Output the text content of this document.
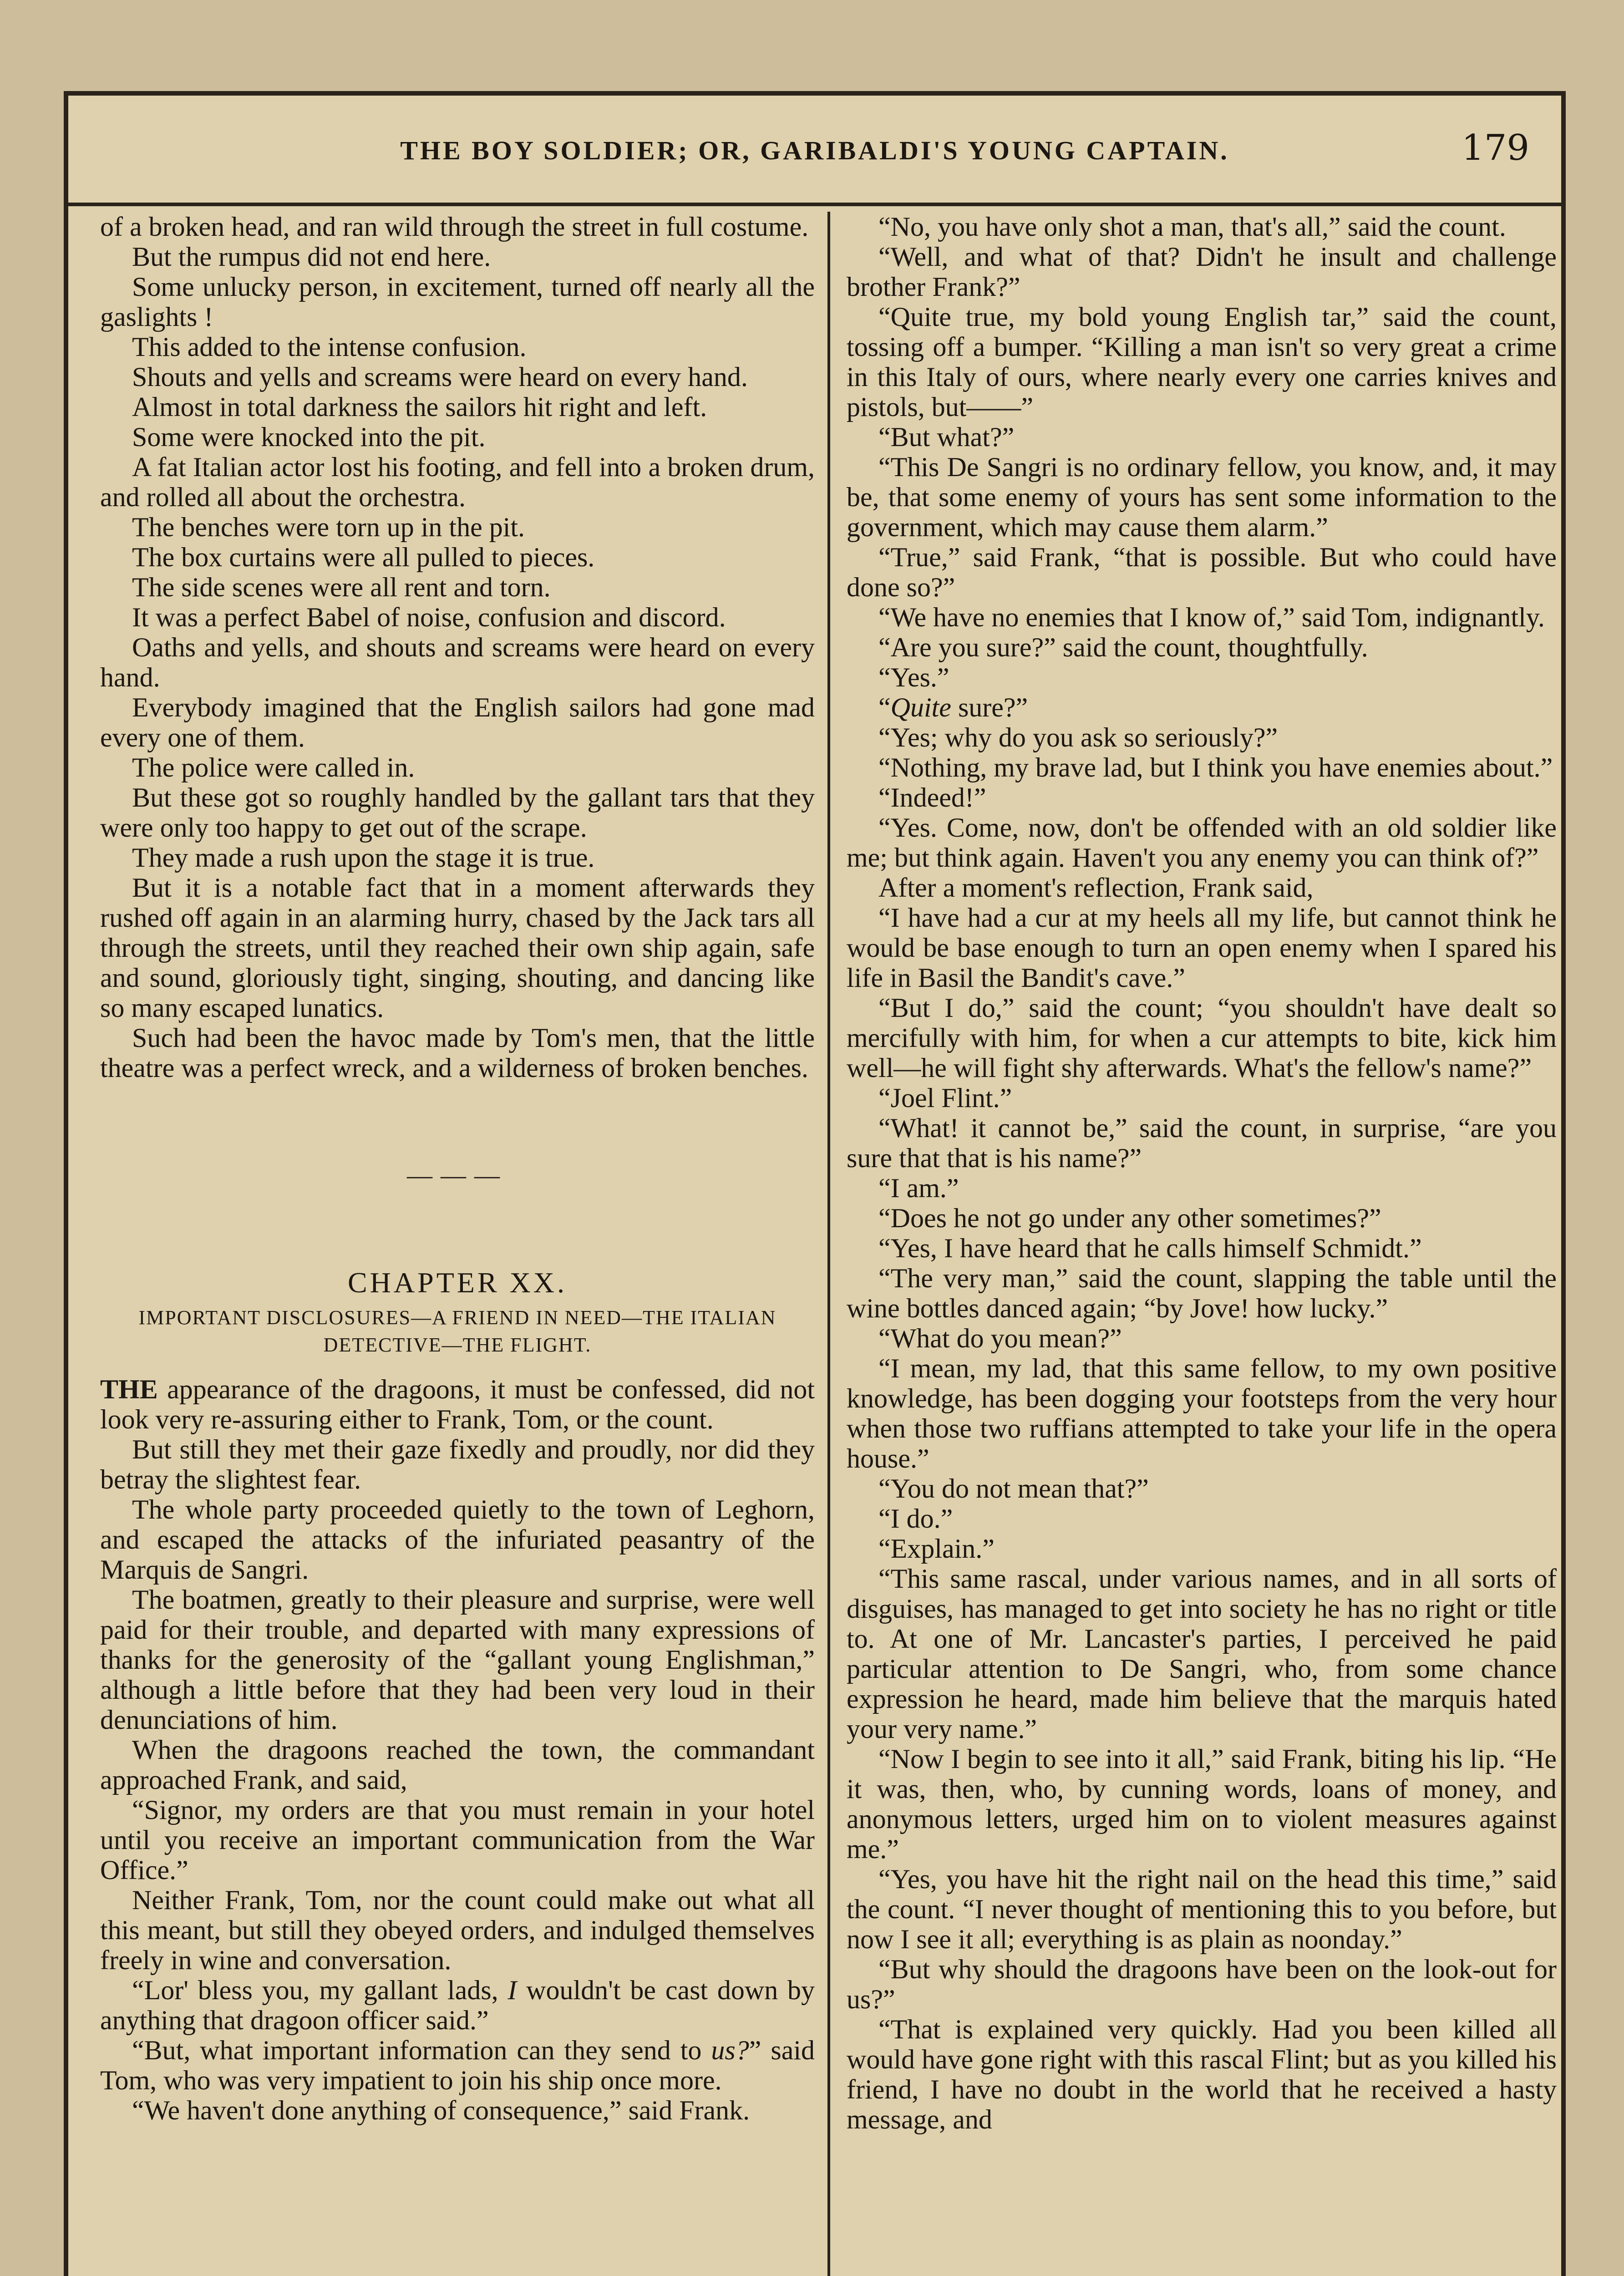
THE BOY SOLDIER; OR, GARIBALDI'S YOUNG CAPTAIN.	179

of a broken head, and ran wild through the street in full costume.

But the rumpus did not end here.

Some unlucky person, in excitement, turned off nearly all the gaslights !

This added to the intense confusion.

Shouts and yells and screams were heard on every hand.

Almost in total darkness the sailors hit right and left.

Some were knocked into the pit.

A fat Italian actor lost his footing, and fell into a broken drum, and rolled all about the orchestra.

The benches were torn up in the pit.

The box curtains were all pulled to pieces.

The side scenes were all rent and torn.

It was a perfect Babel of noise, confusion and discord.

Oaths and yells, and shouts and screams were heard on every hand.

Everybody imagined that the English sailors had gone mad every one of them.

The police were called in.

But these got so roughly handled by the gallant tars that they were only too happy to get out of the scrape.

They made a rush upon the stage it is true.

But it is a notable fact that in a moment afterwards they rushed off again in an alarming hurry, chased by the Jack tars all through the streets, until they reached their own ship again, safe and sound, gloriously tight, singing, shouting, and dancing like so many escaped lunatics.

Such had been the havoc made by Tom's men, that the little theatre was a perfect wreck, and a wilderness of broken benches.

———
CHAPTER XX.
IMPORTANT DISCLOSURES—A FRIEND IN NEED—THE ITALIAN DETECTIVE—THE FLIGHT.

THE appearance of the dragoons, it must be confessed, did not look very re-assuring either to Frank, Tom, or the count.

But still they met their gaze fixedly and proudly, nor did they betray the slightest fear.

The whole party proceeded quietly to the town of Leghorn, and escaped the attacks of the infuriated peasantry of the Marquis de Sangri.

The boatmen, greatly to their pleasure and surprise, were well paid for their trouble, and departed with many expressions of thanks for the generosity of the “gallant young Englishman,” although a little before that they had been very loud in their denunciations of him.

When the dragoons reached the town, the commandant approached Frank, and said,

“Signor, my orders are that you must remain in your hotel until you receive an important communication from the War Office.”

Neither Frank, Tom, nor the count could make out what all this meant, but still they obeyed orders, and indulged themselves freely in wine and conversation.

“Lor' bless you, my gallant lads, I wouldn't be cast down by anything that dragoon officer said.”

“But, what important information can they send to us?” said Tom, who was very impatient to join his ship once more.

“We haven't done anything of consequence,” said Frank.

“No, you have only shot a man, that's all,” said the count.

“Well, and what of that? Didn't he insult and challenge brother Frank?”

“Quite true, my bold young English tar,” said the count, tossing off a bumper. “Killing a man isn't so very great a crime in this Italy of ours, where nearly every one carries knives and pistols, but——”

“But what?”

“This De Sangri is no ordinary fellow, you know, and, it may be, that some enemy of yours has sent some information to the government, which may cause them alarm.”

“True,” said Frank, “that is possible. But who could have done so?”

“We have no enemies that I know of,” said Tom, indignantly.

“Are you sure?” said the count, thoughtfully.

“Yes.”

“Quite sure?”

“Yes; why do you ask so seriously?”

“Nothing, my brave lad, but I think you have enemies about.”

“Indeed!”

“Yes. Come, now, don't be offended with an old soldier like me; but think again. Haven't you any enemy you can think of?”

After a moment's reflection, Frank said,

“I have had a cur at my heels all my life, but cannot think he would be base enough to turn an open enemy when I spared his life in Basil the Bandit's cave.”

“But I do,” said the count; “you shouldn't have dealt so mercifully with him, for when a cur attempts to bite, kick him well—he will fight shy afterwards. What's the fellow's name?”

“Joel Flint.”

“What! it cannot be,” said the count, in surprise, “are you sure that that is his name?”

“I am.”

“Does he not go under any other sometimes?”

“Yes, I have heard that he calls himself Schmidt.”

“The very man,” said the count, slapping the table until the wine bottles danced again; “by Jove! how lucky.”

“What do you mean?”

“I mean, my lad, that this same fellow, to my own positive knowledge, has been dogging your footsteps from the very hour when those two ruffians attempted to take your life in the opera house.”

“You do not mean that?”

“I do.”

“Explain.”

“This same rascal, under various names, and in all sorts of disguises, has managed to get into society he has no right or title to. At one of Mr. Lancaster's parties, I perceived he paid particular attention to De Sangri, who, from some chance expression he heard, made him believe that the marquis hated your very name.”

“Now I begin to see into it all,” said Frank, biting his lip. “He it was, then, who, by cunning words, loans of money, and anonymous letters, urged him on to violent measures against me.”

“Yes, you have hit the right nail on the head this time,” said the count. “I never thought of mentioning this to you before, but now I see it all; everything is as plain as noonday.”

“But why should the dragoons have been on the look-out for us?”

“That is explained very quickly. Had you been killed all would have gone right with this rascal Flint; but as you killed his friend, I have no doubt in the world that he received a hasty message, and
